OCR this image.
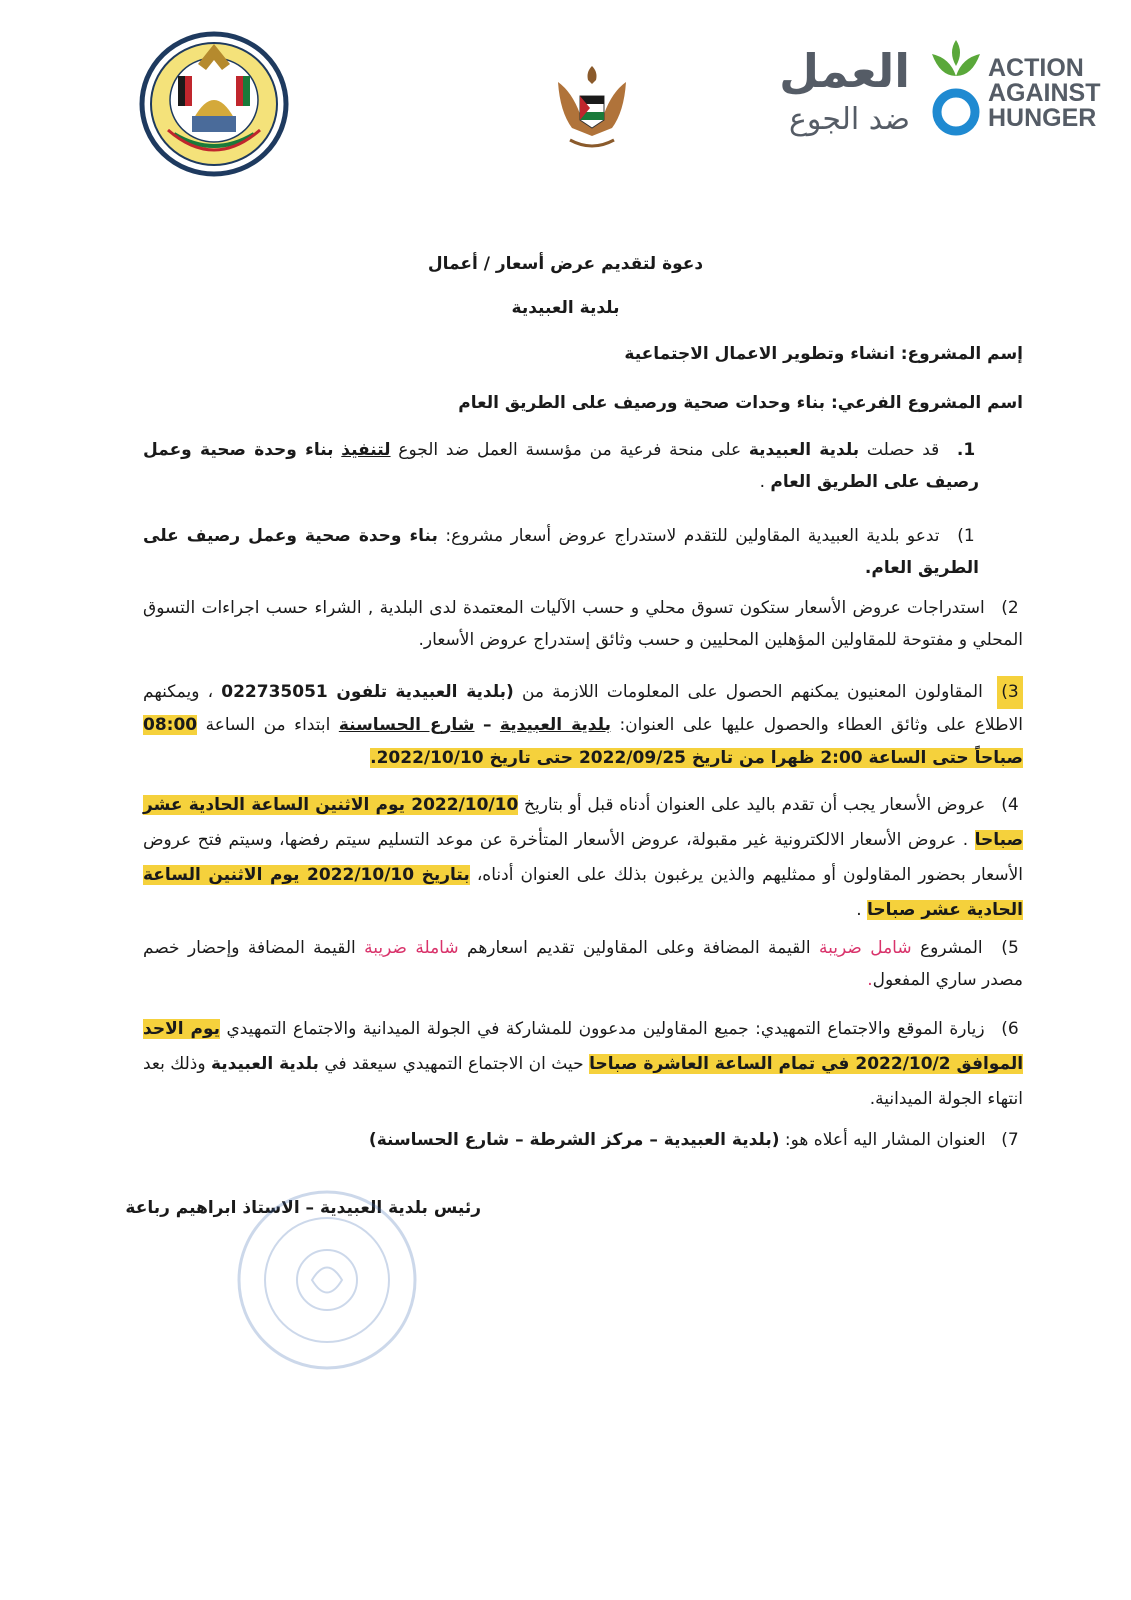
العمل
ضد الجوع
ACTION
AGAINST
HUNGER
دعوة لتقديم عرض أسعار / أعمال
بلدية العبيدية
إسم المشروع: انشاء وتطوير الاعمال الاجتماعية
اسم المشروع الفرعي: بناء وحدات صحية ورصيف على الطريق العام
1. قد حصلت بلدية العبيدية على منحة فرعية من مؤسسة العمل ضد الجوع لتنفيذ بناء وحدة صحية وعمل رصيف على الطريق العام .
1) تدعو بلدية العبيدية المقاولين للتقدم لاستدراج عروض أسعار مشروع: بناء وحدة صحية وعمل رصيف على الطريق العام.
2) استدراجات عروض الأسعار ستكون تسوق محلي و حسب الآليات المعتمدة لدى البلدية , الشراء حسب اجراءات التسوق المحلي و مفتوحة للمقاولين المؤهلين المحليين و حسب وثائق إستدراج عروض الأسعار.
3) المقاولون المعنيون يمكنهم الحصول على المعلومات اللازمة من (بلدية العبيدية تلفون 022735051 ، ويمكنهم الاطلاع على وثائق العطاء والحصول عليها على العنوان: بلدية العبيدية – شارع الحساسنة ابتداء من الساعة 08:00 صباحاً حتى الساعة 2:00 ظهرا من تاريخ 2022/09/25 حتى تاريخ 2022/10/10.
4) عروض الأسعار يجب أن تقدم باليد على العنوان أدناه قبل أو بتاريخ 2022/10/10 يوم الاثنين الساعة الحادية عشر صباحا . عروض الأسعار الالكترونية غير مقبولة، عروض الأسعار المتأخرة عن موعد التسليم سيتم رفضها، وسيتم فتح عروض الأسعار بحضور المقاولون أو ممثليهم والذين يرغبون بذلك على العنوان أدناه، بتاريخ 2022/10/10 يوم الاثنين الساعة الحادية عشر صباحا .
5) المشروع شامل ضريبة القيمة المضافة وعلى المقاولين تقديم اسعارهم شاملة ضريبة القيمة المضافة وإحضار خصم مصدر ساري المفعول.
6) زيارة الموقع والاجتماع التمهيدي: جميع المقاولين مدعوون للمشاركة في الجولة الميدانية والاجتماع التمهيدي يوم الاحد الموافق 2022/10/2 في تمام الساعة العاشرة صباحا حيث ان الاجتماع التمهيدي سيعقد في بلدية العبيدية وذلك بعد انتهاء الجولة الميدانية.
7) العنوان المشار اليه أعلاه هو: (بلدية العبيدية – مركز الشرطة – شارع الحساسنة)
رئيس بلدية العبيدية – الاستاذ ابراهيم رباعة
